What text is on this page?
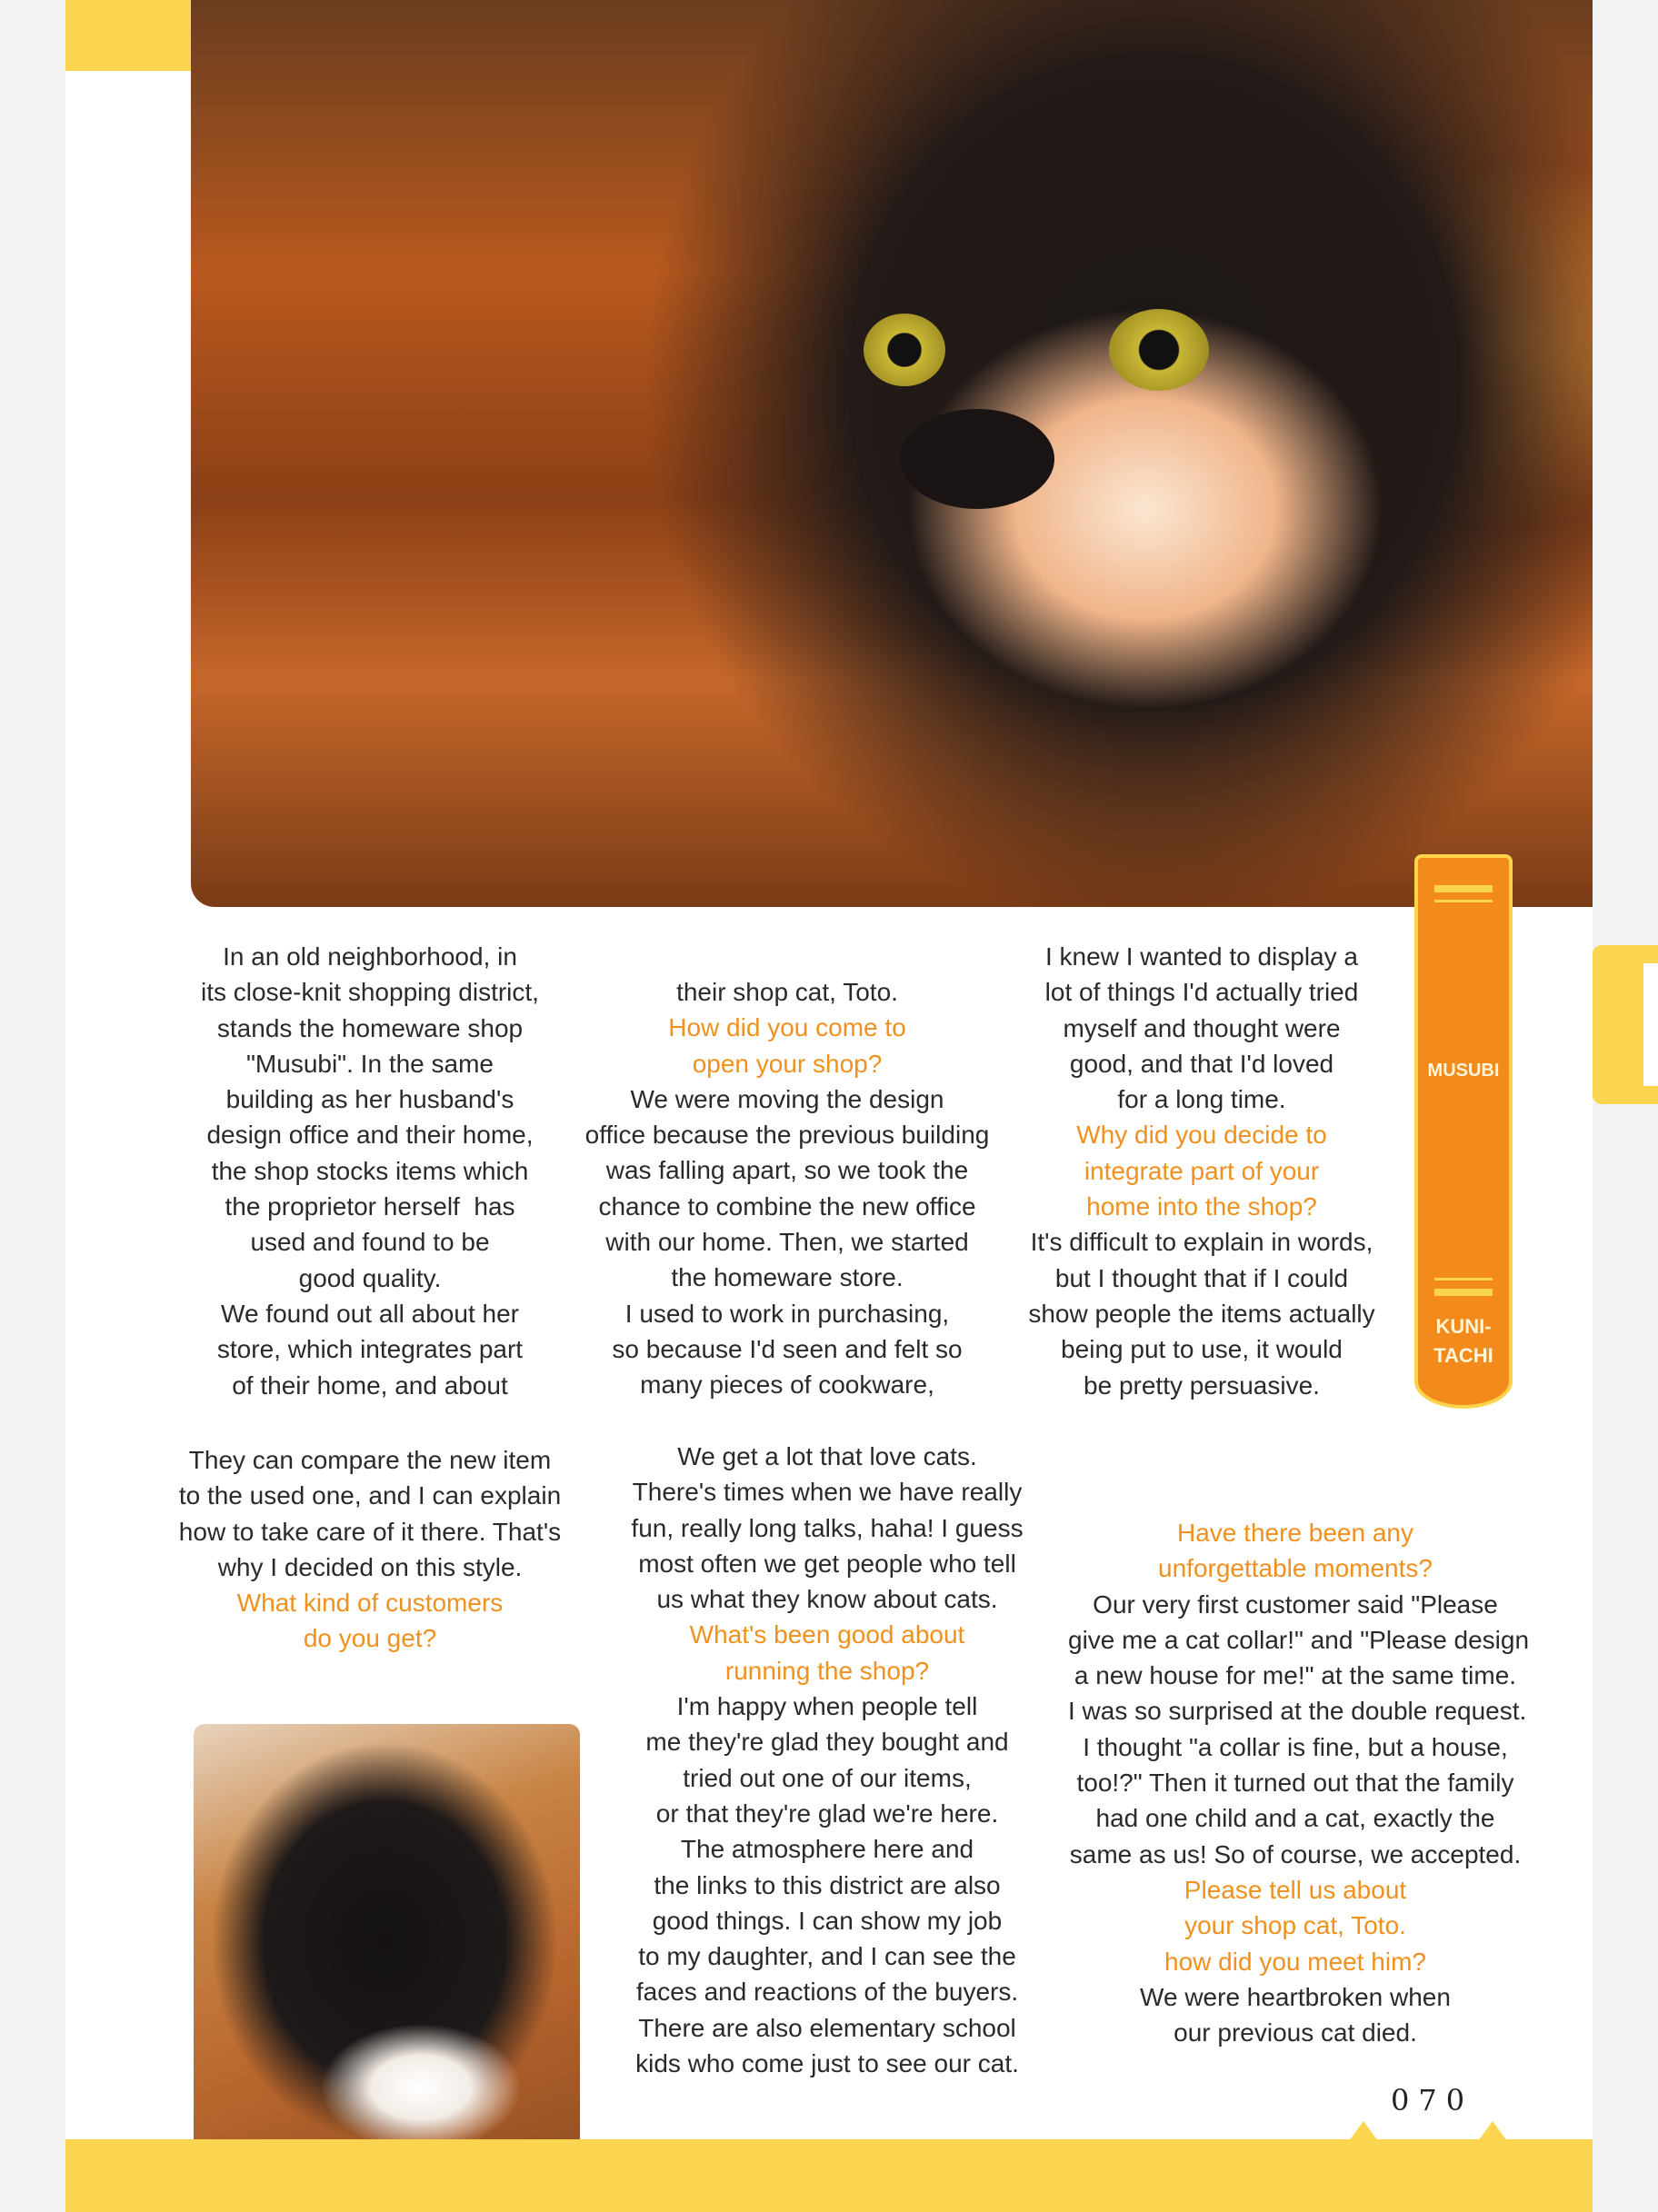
MUSUBI
KUNI-
TACHI
In an old neighborhood, in
its close-knit shopping district,
stands the homeware shop
"Musubi". In the same
building as her husband's
design office and their home,
the shop stocks items which
the proprietor herself  has
used and found to be
good quality.
We found out all about her
store, which integrates part
of their home, and about
their shop cat, Toto.
How did you come to
open your shop?
We were moving the design
office because the previous building
was falling apart, so we took the
chance to combine the new office
with our home. Then, we started
the homeware store.
I used to work in purchasing,
so because I'd seen and felt so
many pieces of cookware,
I knew I wanted to display a
lot of things I'd actually tried
myself and thought were
good, and that I'd loved
for a long time.
Why did you decide to
integrate part of your
home into the shop?
It's difficult to explain in words,
but I thought that if I could
show people the items actually
being put to use, it would
be pretty persuasive.
They can compare the new item
to the used one, and I can explain
how to take care of it there. That's
why I decided on this style.
What kind of customers
do you get?
We get a lot that love cats.
There's times when we have really
fun, really long talks, haha! I guess
most often we get people who tell
us what they know about cats.
What's been good about
running the shop?
I'm happy when people tell
me they're glad they bought and
tried out one of our items,
or that they're glad we're here.
The atmosphere here and
the links to this district are also
good things. I can show my job
to my daughter, and I can see the
faces and reactions of the buyers.
There are also elementary school
kids who come just to see our cat.
Have there been any
unforgettable moments?
Our very first customer said "Please
give me a cat collar!" and "Please design
a new house for me!" at the same time.
I was so surprised at the double request.
I thought "a collar is fine, but a house,
too!?" Then it turned out that the family
had one child and a cat, exactly the
same as us! So of course, we accepted.
Please tell us about
your shop cat, Toto.
how did you meet him?
We were heartbroken when
our previous cat died.
070
